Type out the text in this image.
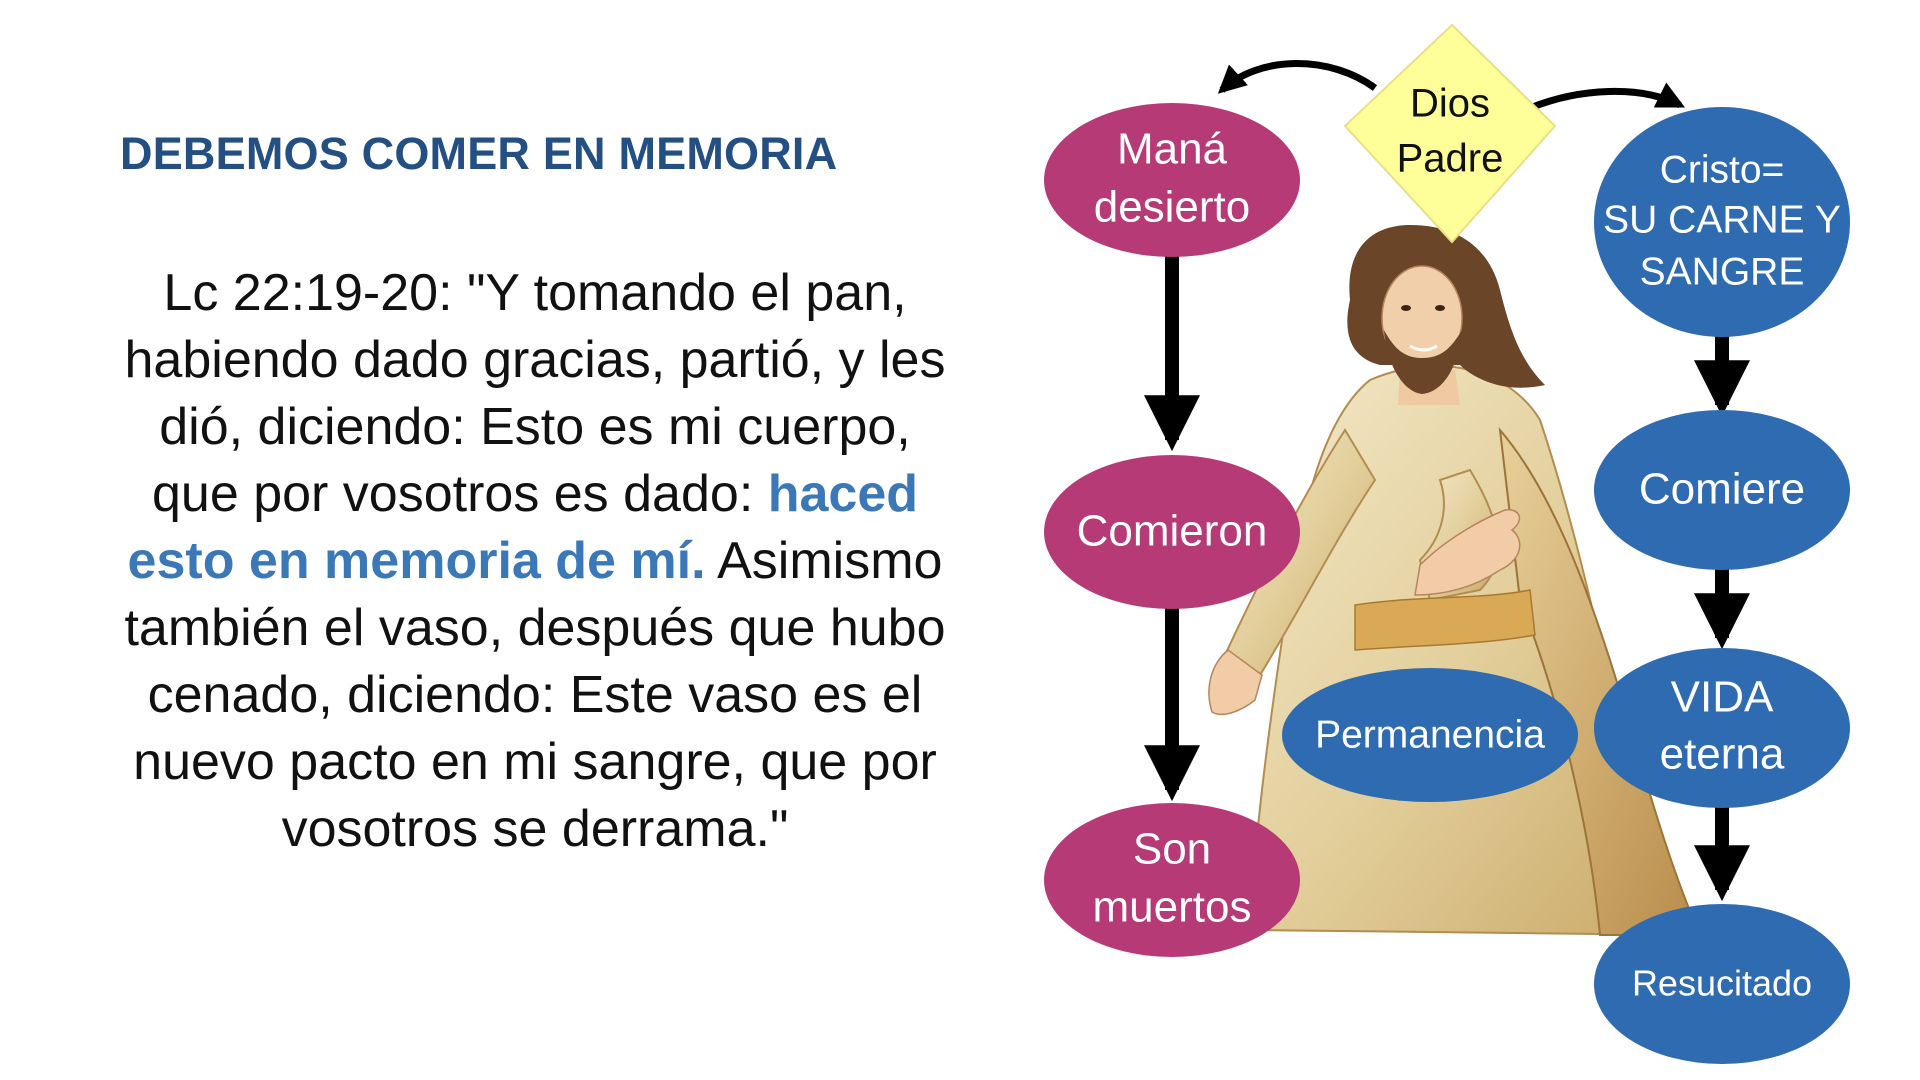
DEBEMOS COMER EN MEMORIA
Lc 22:19-20: "Y tomando el pan, habiendo dado gracias, partió, y les dió, diciendo: Esto es mi cuerpo, que por vosotros es dado: haced esto en memoria de mí. Asimismo también el vaso, después que hubo cenado, diciendo: Este vaso es el nuevo pacto en mi sangre, que por vosotros se derrama."
Dios
Padre
Maná
desierto
Comieron
Son
muertos
Cristo=
SU CARNE Y
SANGRE
Comiere
VIDA
eterna
Resucitado
Permanencia
